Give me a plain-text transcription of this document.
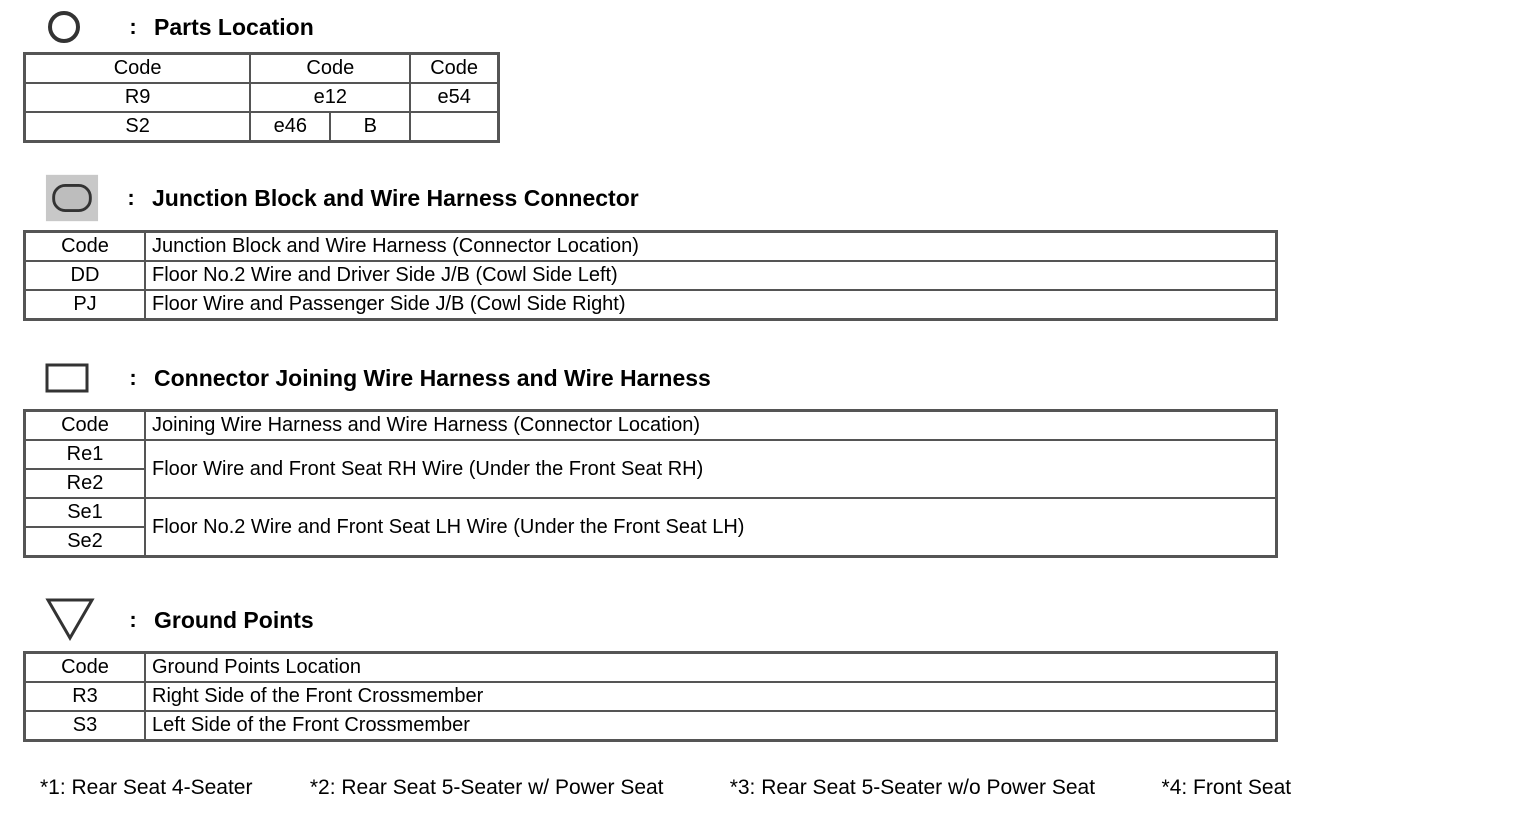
: Parts Location
Code	Code		Code
R9	e12		e54
S2	e46	B	
: Junction Block and Wire Harness Connector
Code	Junction Block and Wire Harness (Connector Location)
DD	Floor No.2 Wire and Driver Side J/B (Cowl Side Left)
PJ	Floor Wire and Passenger Side J/B (Cowl Side Right)
: Connector Joining Wire Harness and Wire Harness
Code	Joining Wire Harness and Wire Harness (Connector Location)
Re1	Floor Wire and Front Seat RH Wire (Under the Front Seat RH)
Re2	
Se1	Floor No.2 Wire and Front Seat LH Wire (Under the Front Seat LH)
Se2	
: Ground Points
Code	Ground Points Location
R3	Right Side of the Front Crossmember
S3	Left Side of the Front Crossmember
*1: Rear Seat 4-Seater	*2: Rear Seat 5-Seater w/ Power Seat	*3: Rear Seat 5-Seater w/o Power Seat	*4: Front Seat
